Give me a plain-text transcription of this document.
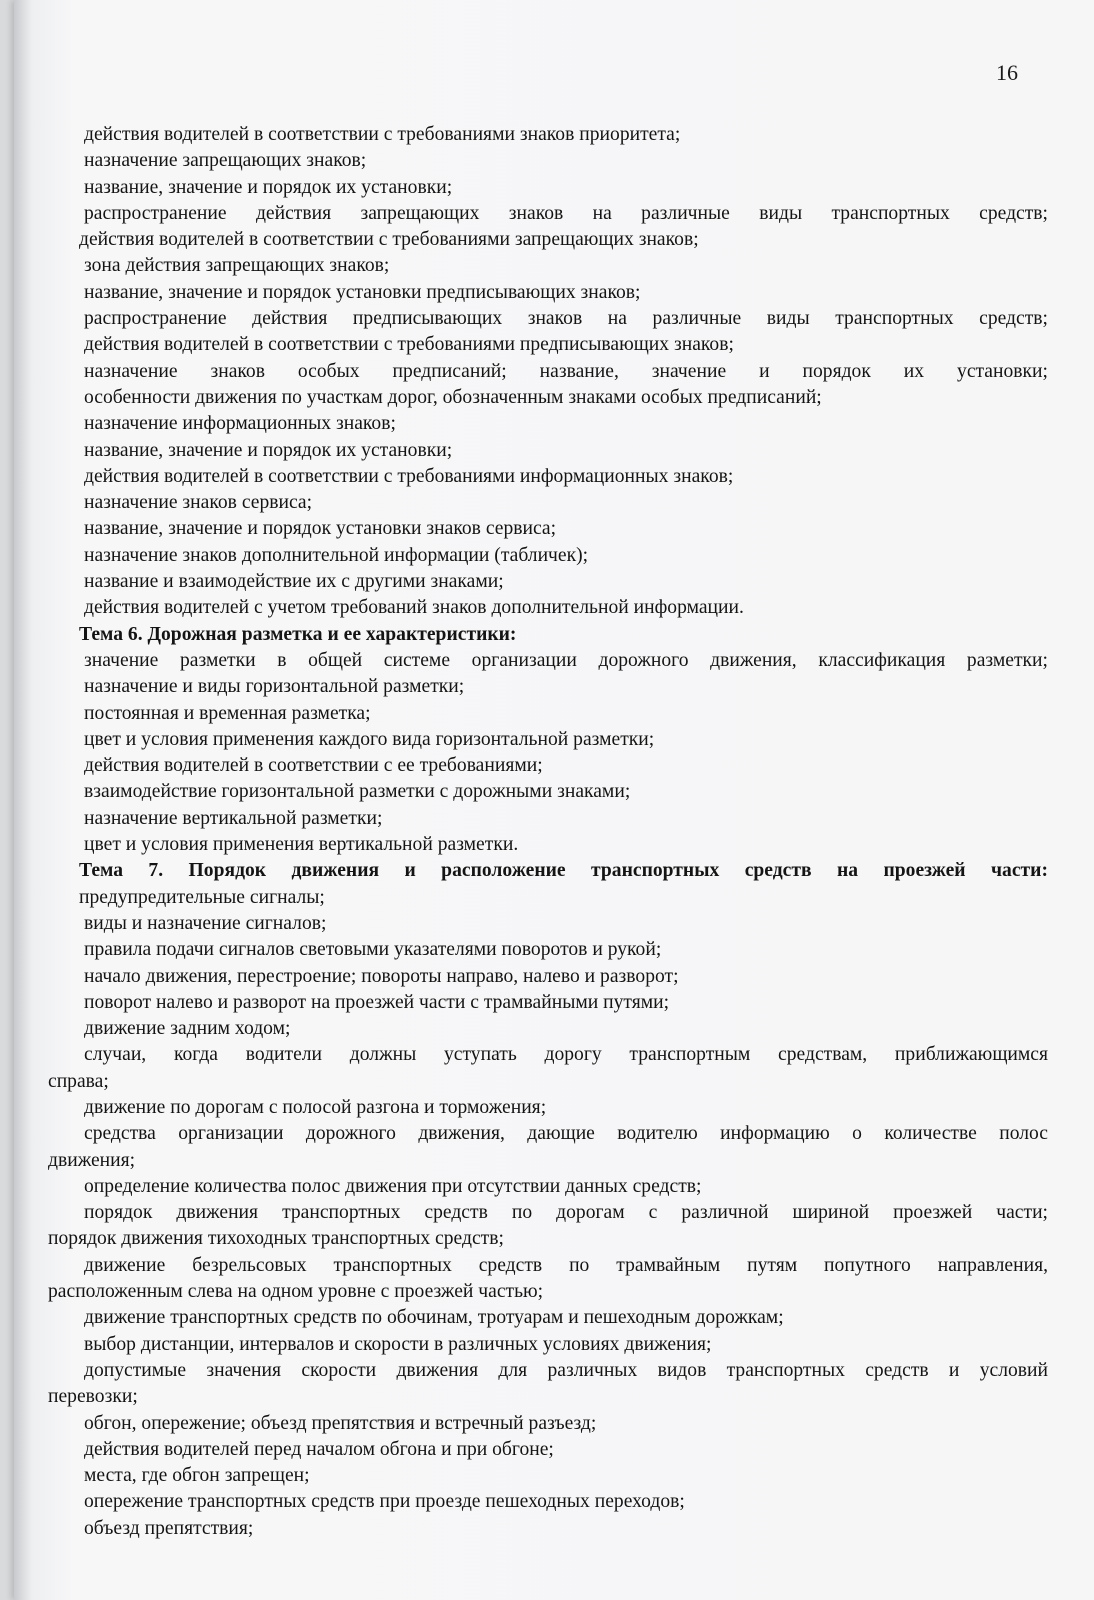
16
действия водителей в соответствии с требованиями знаков приоритета;
назначение запрещающих знаков;
название, значение и порядок их установки;
распространение действия запрещающих знаков на различные виды транспортных средств;
действия водителей в соответствии с требованиями запрещающих знаков;
зона действия запрещающих знаков;
название, значение и порядок установки предписывающих знаков;
распространение действия предписывающих знаков на различные виды транспортных средств;
действия водителей в соответствии с требованиями предписывающих знаков;
назначение знаков особых предписаний; название, значение и порядок их установки;
особенности движения по участкам дорог, обозначенным знаками особых предписаний;
назначение информационных знаков;
название, значение и порядок их установки;
действия водителей в соответствии с требованиями информационных знаков;
назначение знаков сервиса;
название, значение и порядок установки знаков сервиса;
назначение знаков дополнительной информации (табличек);
название и взаимодействие их с другими знаками;
действия водителей с учетом требований знаков дополнительной информации.
Тема 6. Дорожная разметка и ее характеристики:
значение разметки в общей системе организации дорожного движения, классификация разметки;
назначение и виды горизонтальной разметки;
постоянная и временная разметка;
цвет и условия применения каждого вида горизонтальной разметки;
действия водителей в соответствии с ее требованиями;
взаимодействие горизонтальной разметки с дорожными знаками;
назначение вертикальной разметки;
цвет и условия применения вертикальной разметки.
Тема 7. Порядок движения и расположение транспортных средств на проезжей части:
предупредительные сигналы;
виды и назначение сигналов;
правила подачи сигналов световыми указателями поворотов и рукой;
начало движения, перестроение; повороты направо, налево и разворот;
поворот налево и разворот на проезжей части с трамвайными путями;
движение задним ходом;
случаи, когда водители должны уступать дорогу транспортным средствам, приближающимся
справа;
движение по дорогам с полосой разгона и торможения;
средства организации дорожного движения, дающие водителю информацию о количестве полос
движения;
определение количества полос движения при отсутствии данных средств;
порядок движения транспортных средств по дорогам с различной шириной проезжей части;
порядок движения тихоходных транспортных средств;
движение безрельсовых транспортных средств по трамвайным путям попутного направления,
расположенным слева на одном уровне с проезжей частью;
движение транспортных средств по обочинам, тротуарам и пешеходным дорожкам;
выбор дистанции, интервалов и скорости в различных условиях движения;
допустимые значения скорости движения для различных видов транспортных средств и условий
перевозки;
обгон, опережение; объезд препятствия и встречный разъезд;
действия водителей перед началом обгона и при обгоне;
места, где обгон запрещен;
опережение транспортных средств при проезде пешеходных переходов;
объезд препятствия;
